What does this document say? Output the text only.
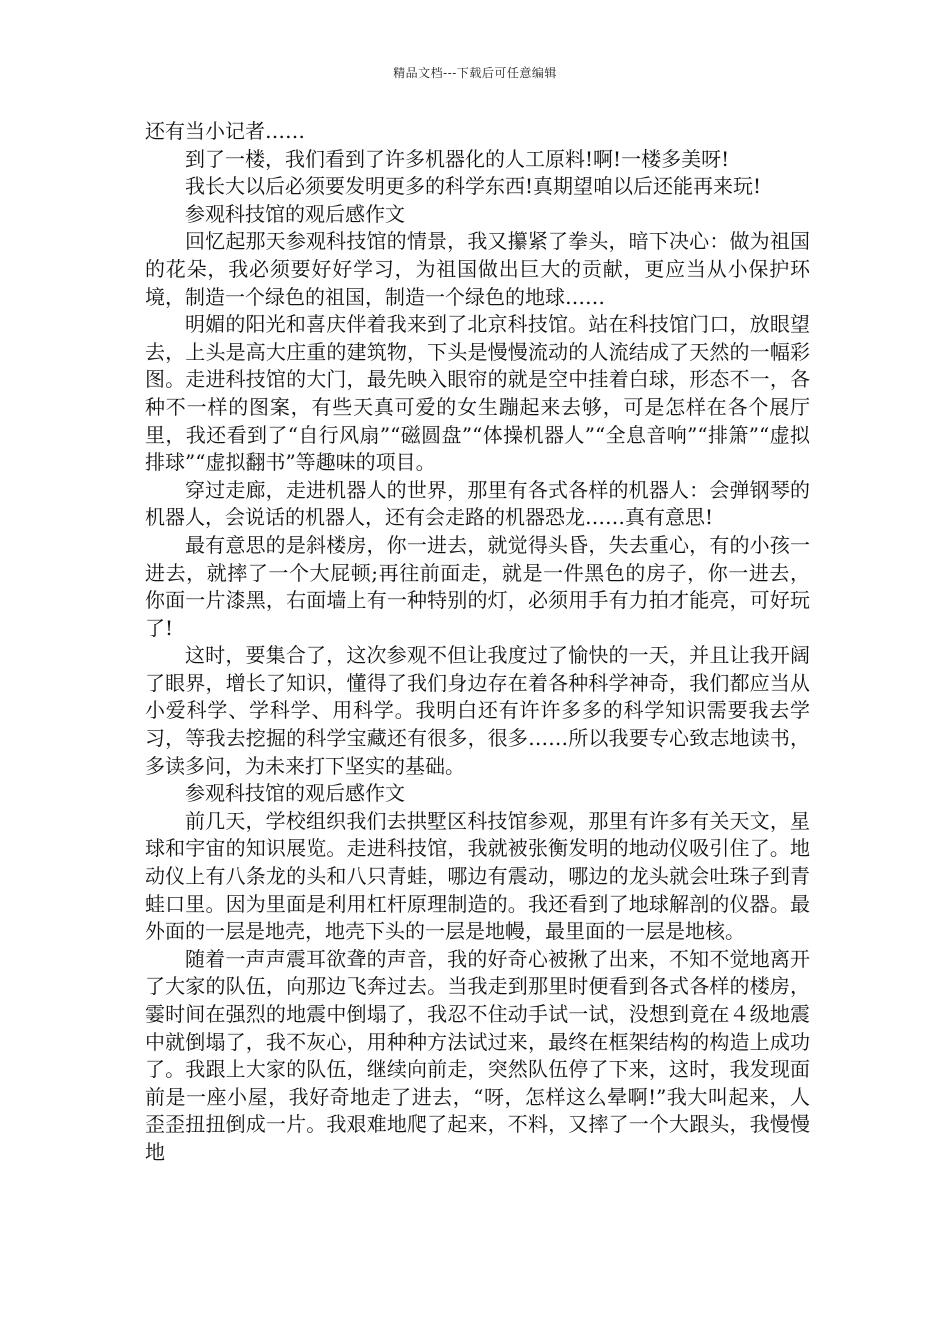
精品文档---下载后可任意编辑

还有当小记者……

到了一楼，我们看到了许多机器化的人工原料!啊!一楼多美呀!

我长大以后必须要发明更多的科学东西!真期望咱以后还能再来玩!

参观科技馆的观后感作文

回忆起那天参观科技馆的情景，我又攥紧了拳头，暗下决心：做为祖国的花朵，我必须要好好学习，为祖国做出巨大的贡献，更应当从小保护环境，制造一个绿色的祖国，制造一个绿色的地球……

明媚的阳光和喜庆伴着我来到了北京科技馆。站在科技馆门口，放眼望去，上头是高大庄重的建筑物，下头是慢慢流动的人流结成了天然的一幅彩图。走进科技馆的大门，最先映入眼帘的就是空中挂着白球，形态不一，各种不一样的图案，有些天真可爱的女生蹦起来去够，可是怎样在各个展厅里，我还看到了“自行风扇”“磁圆盘”“体操机器人”“全息音响”“排箫”“虚拟排球”“虚拟翻书”等趣味的项目。

穿过走廊，走进机器人的世界，那里有各式各样的机器人：会弹钢琴的机器人，会说话的机器人，还有会走路的机器恐龙……真有意思!

最有意思的是斜楼房，你一进去，就觉得头昏，失去重心，有的小孩一进去，就摔了一个大屁顿;再往前面走，就是一件黑色的房子，你一进去，你面一片漆黑，右面墙上有一种特别的灯，必须用手有力拍才能亮，可好玩了!

这时，要集合了，这次参观不但让我度过了愉快的一天，并且让我开阔了眼界，增长了知识，懂得了我们身边存在着各种科学神奇，我们都应当从小爱科学、学科学、用科学。我明白还有许许多多的科学知识需要我去学习，等我去挖掘的科学宝藏还有很多，很多……所以我要专心致志地读书，多读多问，为未来打下坚实的基础。

参观科技馆的观后感作文

前几天，学校组织我们去拱墅区科技馆参观，那里有许多有关天文，星球和宇宙的知识展览。走进科技馆，我就被张衡发明的地动仪吸引住了。地动仪上有八条龙的头和八只青蛙，哪边有震动，哪边的龙头就会吐珠子到青蛙口里。因为里面是利用杠杆原理制造的。我还看到了地球解剖的仪器。最外面的一层是地壳，地壳下头的一层是地幔，最里面的一层是地核。

随着一声声震耳欲聋的声音，我的好奇心被揪了出来，不知不觉地离开了大家的队伍，向那边飞奔过去。当我走到那里时便看到各式各样的楼房，霎时间在强烈的地震中倒塌了，我忍不住动手试一试，没想到竟在４级地震中就倒塌了，我不灰心，用种种方法试过来，最终在框架结构的构造上成功了。我跟上大家的队伍，继续向前走，突然队伍停了下来，这时，我发现面前是一座小屋，我好奇地走了进去，“呀，怎样这么晕啊!”我大叫起来，人歪歪扭扭倒成一片。我艰难地爬了起来，不料，又摔了一个大跟头，我慢慢地
